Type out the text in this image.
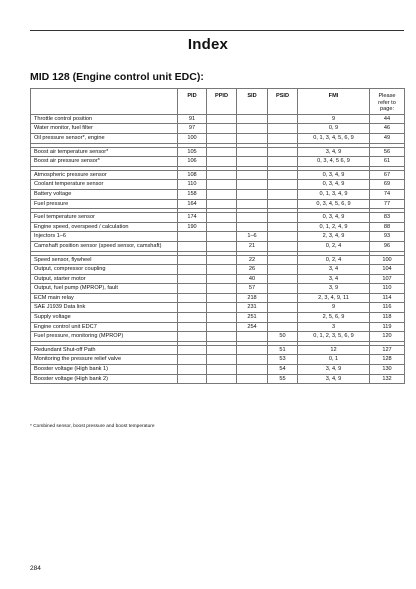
Index
MID 128 (Engine control unit EDC):
	PID	PPID	SID	PSID	FMI	Please refer to page:
Throttle control position	91				9	44
Water monitor, fuel filter	97				0, 9	46
Oil pressure sensor*, engine	100				0, 1, 3, 4, 5, 6, 9	49

Boost air temperature sensor*	105				3, 4, 9	56
Boost air pressure sensor*	106				0, 3, 4, 5 6, 9	61

Atmospheric pressure sensor	108				0, 3, 4, 9	67
Coolant temperature sensor	110				0, 3, 4, 9	69
Battery voltage	158				0, 1, 3, 4, 9	74
Fuel pressure	164				0, 3, 4, 5, 6, 9	77

Fuel temperature sensor	174				0, 3, 4, 9	83
Engine speed, overspeed / calculation	190				0, 1, 2, 4, 9	88
Injectors 1–6			1–6		2, 3, 4, 9	93
Camshaft position sensor (speed sensor, camshaft)			21		0, 2, 4	96

Speed sensor, flywheel			22		0, 2, 4	100
Output, compressor coupling			26		3, 4	104
Output, starter motor			40		3, 4	107
Output, fuel pump (MPROP), fault			57		3, 9	110
ECM main relay			218		2, 3, 4, 9, 11	114
SAE J1939 Data link			231		9	116
Supply voltage			251		2, 5, 6, 9	118
Engine control unit EDC7			254		3	119
Fuel pressure, monitoring (MPROP)				50	0, 1, 2, 3, 5, 6, 9	120

Redundant Shut-off Path				51	12	127
Monitoring the pressure relief valve				53	0, 1	128
Booster voltage (High bank 1)				54	3, 4, 9	130
Booster voltage (High bank 2)				55	3, 4, 9	132
* Combined sensor, boost pressure and boost temperature
284
